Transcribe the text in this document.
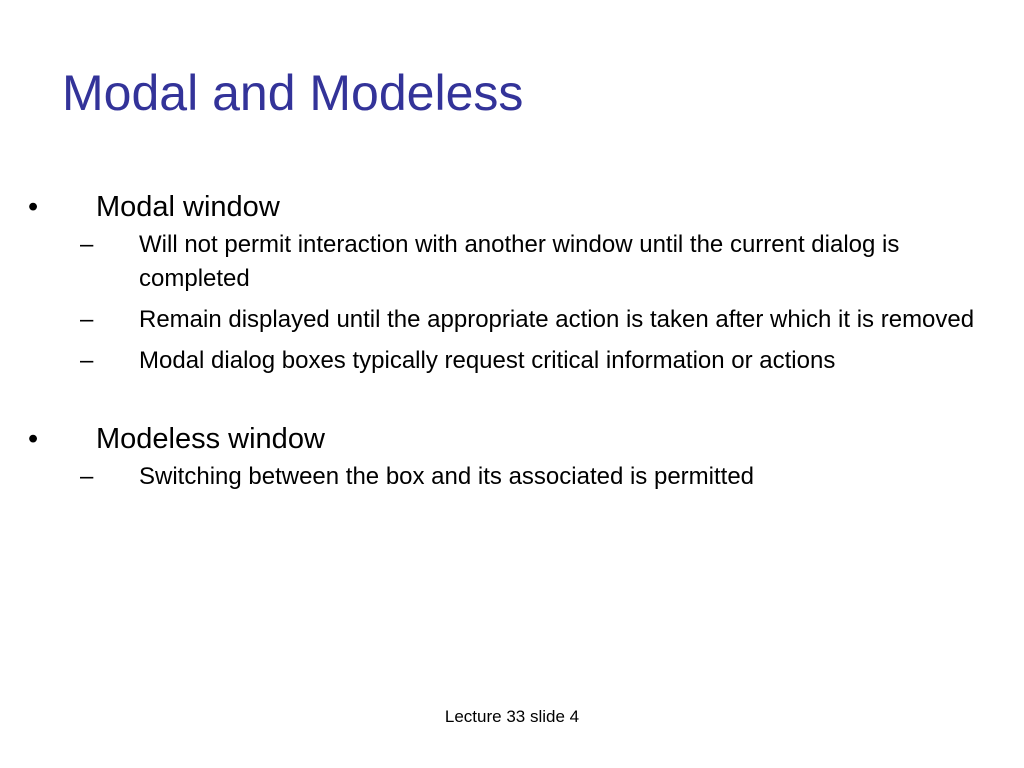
Modal and Modeless
• Modal window
– Will not permit interaction with another window until the current dialog is completed
– Remain displayed until the appropriate action is taken after which it is removed
– Modal dialog boxes typically request critical information or actions
• Modeless window
– Switching between the box and its associated is permitted
Lecture 33 slide 4
